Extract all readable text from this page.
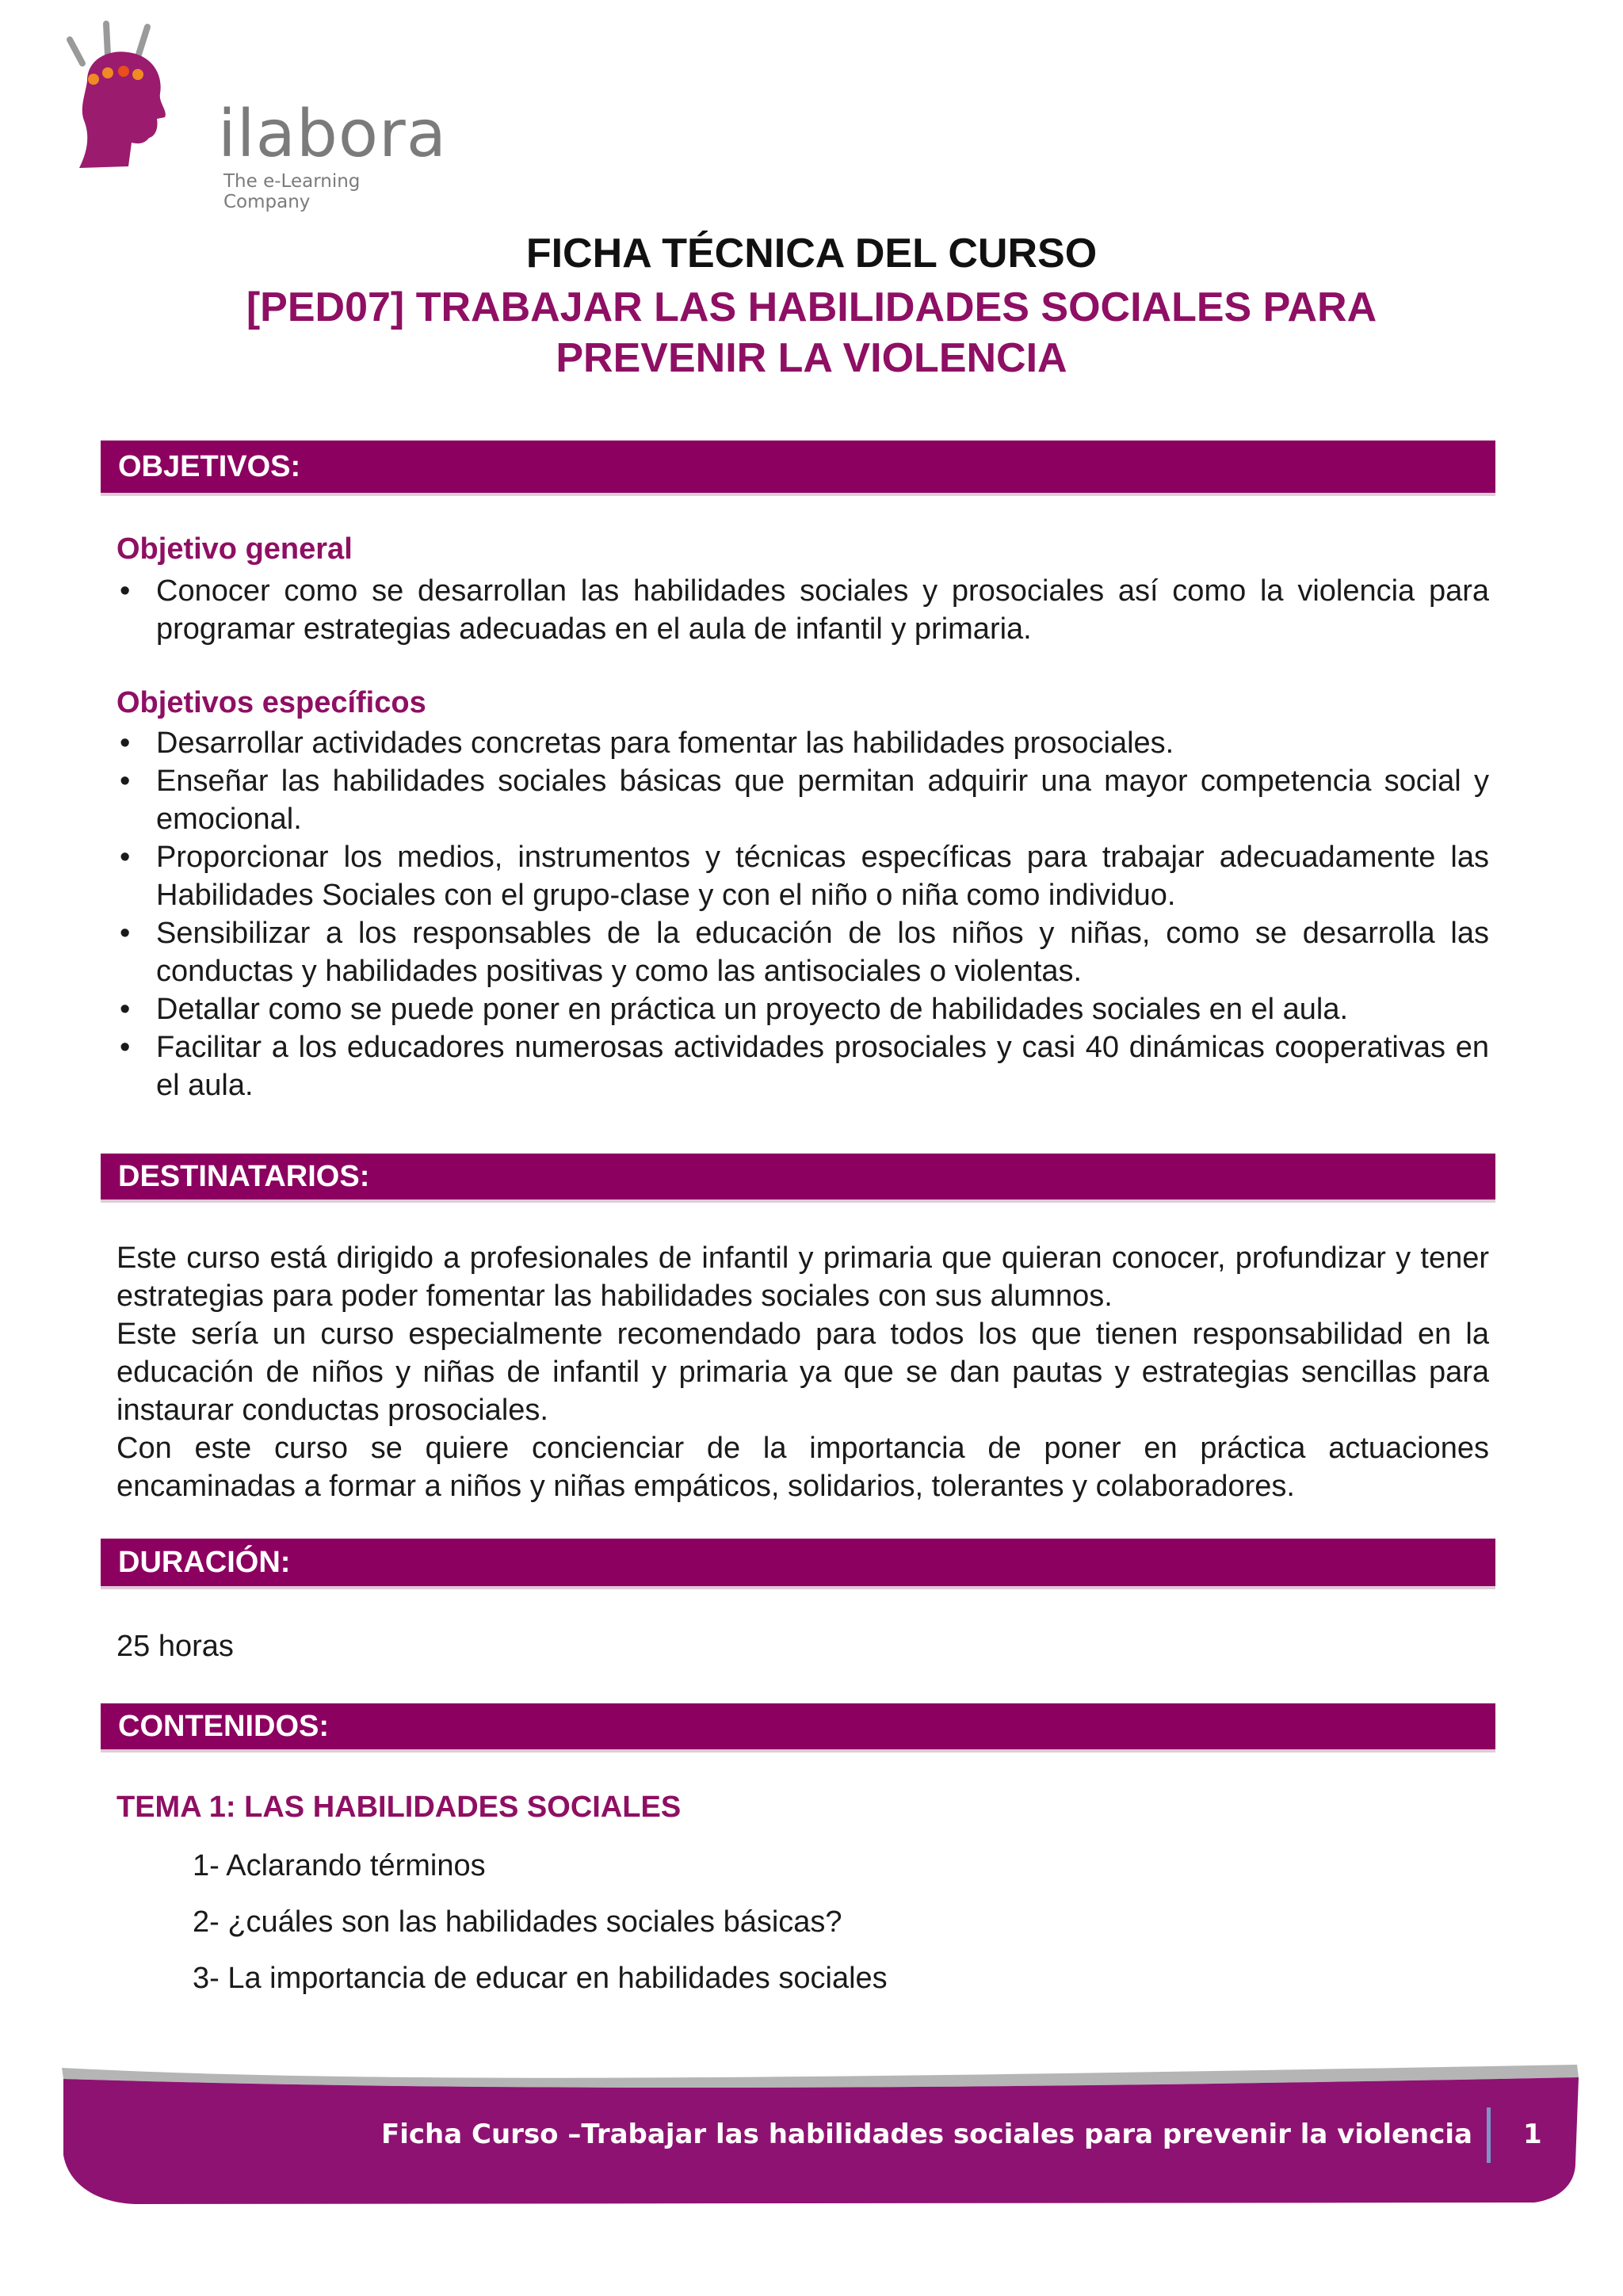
ilabora
The e-Learning Company
FICHA TÉCNICA DEL CURSO
[PED07] TRABAJAR LAS HABILIDADES SOCIALES PARA
PREVENIR LA VIOLENCIA
OBJETIVOS:
Objetivo general
• Conocer como se desarrollan las habilidades sociales y prosociales así como la violencia para programar estrategias adecuadas en el aula de infantil y primaria.
Objetivos específicos
• Desarrollar actividades concretas para fomentar las habilidades prosociales.
• Enseñar las habilidades sociales básicas que permitan adquirir una mayor competencia social y emocional.
• Proporcionar los medios, instrumentos y técnicas específicas para trabajar adecuadamente las Habilidades Sociales con el grupo-clase y con el niño o niña como individuo.
• Sensibilizar a los responsables de la educación de los niños y niñas, como se desarrolla las conductas y habilidades positivas y como las antisociales o violentas.
• Detallar como se puede poner en práctica un proyecto de habilidades sociales en el aula.
• Facilitar a los educadores numerosas actividades prosociales y casi 40 dinámicas cooperativas en el aula.
DESTINATARIOS:
Este curso está dirigido a profesionales de infantil y primaria que quieran conocer, profundizar y tener estrategias para poder fomentar las habilidades sociales con sus alumnos.
Este sería un curso especialmente recomendado para todos los que tienen responsabilidad en la educación de niños y niñas de infantil y primaria ya que se dan pautas y estrategias sencillas para instaurar conductas prosociales.
Con este curso se quiere concienciar de la importancia de poner en práctica actuaciones encaminadas a formar a niños y niñas empáticos, solidarios, tolerantes y colaboradores.
DURACIÓN:
25 horas
CONTENIDOS:
TEMA 1: LAS HABILIDADES SOCIALES
1- Aclarando términos
2- ¿cuáles son las habilidades sociales básicas?
3- La importancia de educar en habilidades sociales
Ficha Curso –Trabajar las habilidades sociales para prevenir la violencia 1
